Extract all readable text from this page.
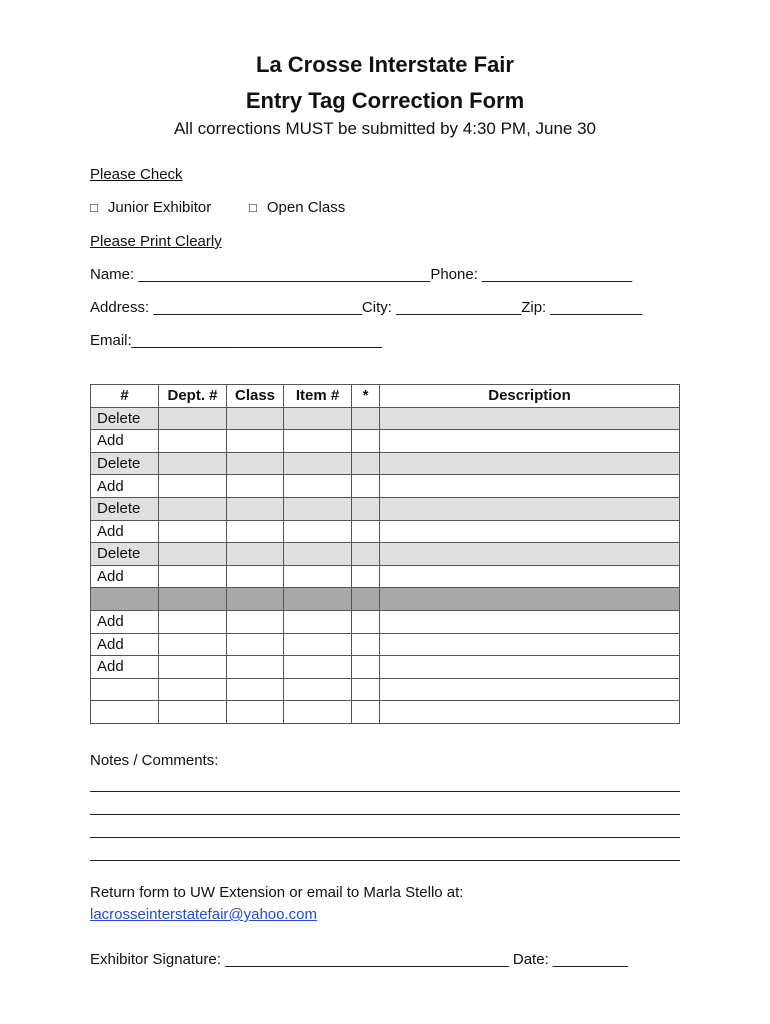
La Crosse Interstate Fair
Entry Tag Correction Form
All corrections MUST be submitted by 4:30 PM, June 30
Please Check
□ Junior Exhibitor	□ Open Class
Please Print Clearly
Name: ___________________________________Phone: __________________
Address: _________________________City: _______________Zip: ___________
Email:______________________________
#	Dept. #	Class	Item #	*	Description
Delete					
Add					
Delete					
Add					
Delete					
Add					
Delete					
Add					

Add					
Add					
Add					

Notes / Comments:
Return form to UW Extension or email to Marla Stello at:
lacrosseinterstatefair@yahoo.com
Exhibitor Signature: __________________________________ Date: _________
